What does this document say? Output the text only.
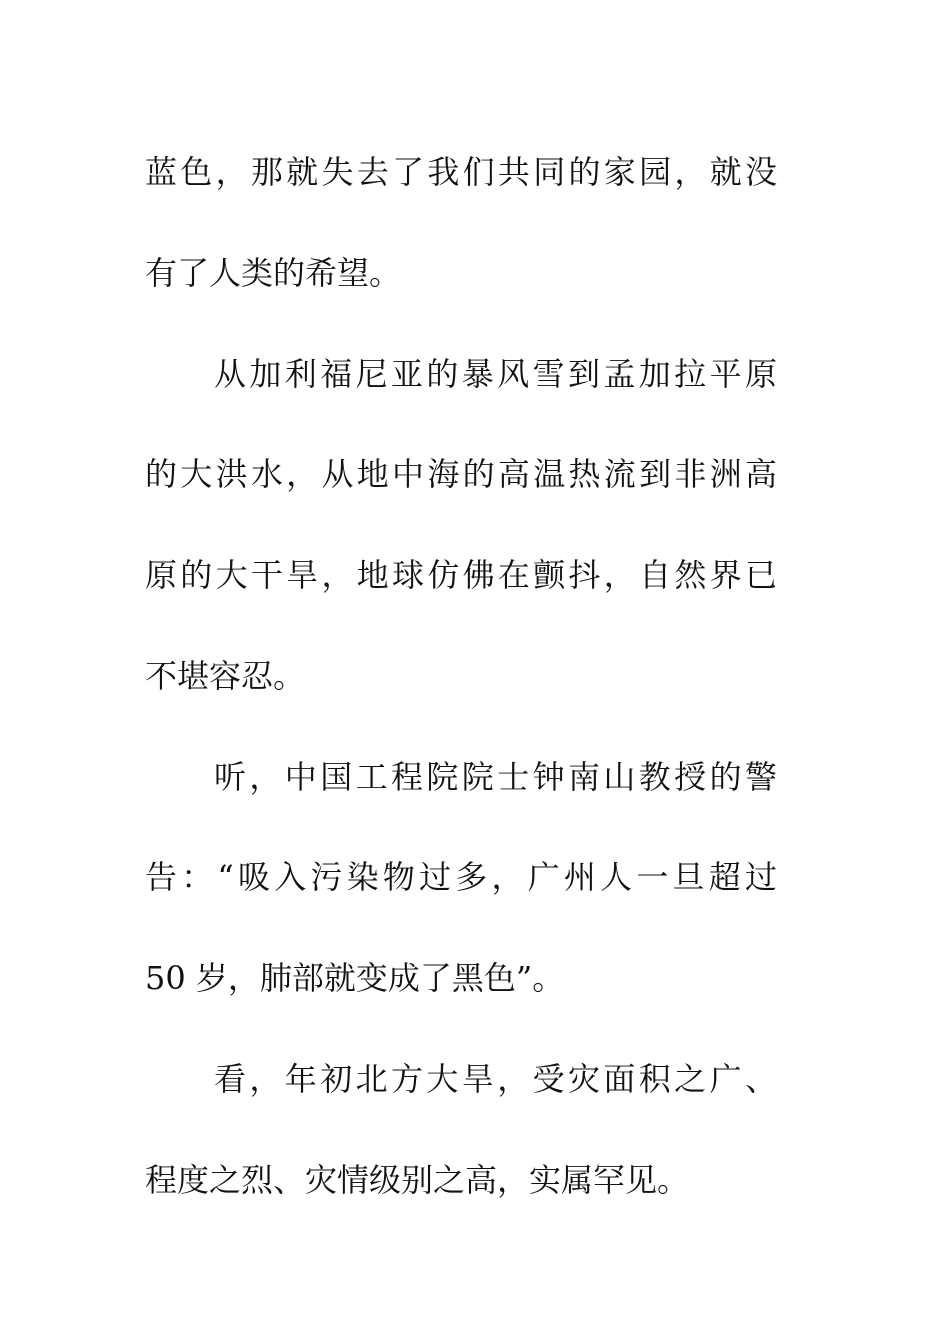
蓝色，那就失去了我们共同的家园，就没
有了人类的希望。
从加利福尼亚的暴风雪到孟加拉平原
的大洪水，从地中海的高温热流到非洲高
原的大干旱，地球仿佛在颤抖，自然界已
不堪容忍。
听，中国工程院院士钟南山教授的警
告：“吸入污染物过多，广州人一旦超过
50 岁，肺部就变成了黑色”。
看，年初北方大旱，受灾面积之广、
程度之烈、灾情级别之高，实属罕见。
